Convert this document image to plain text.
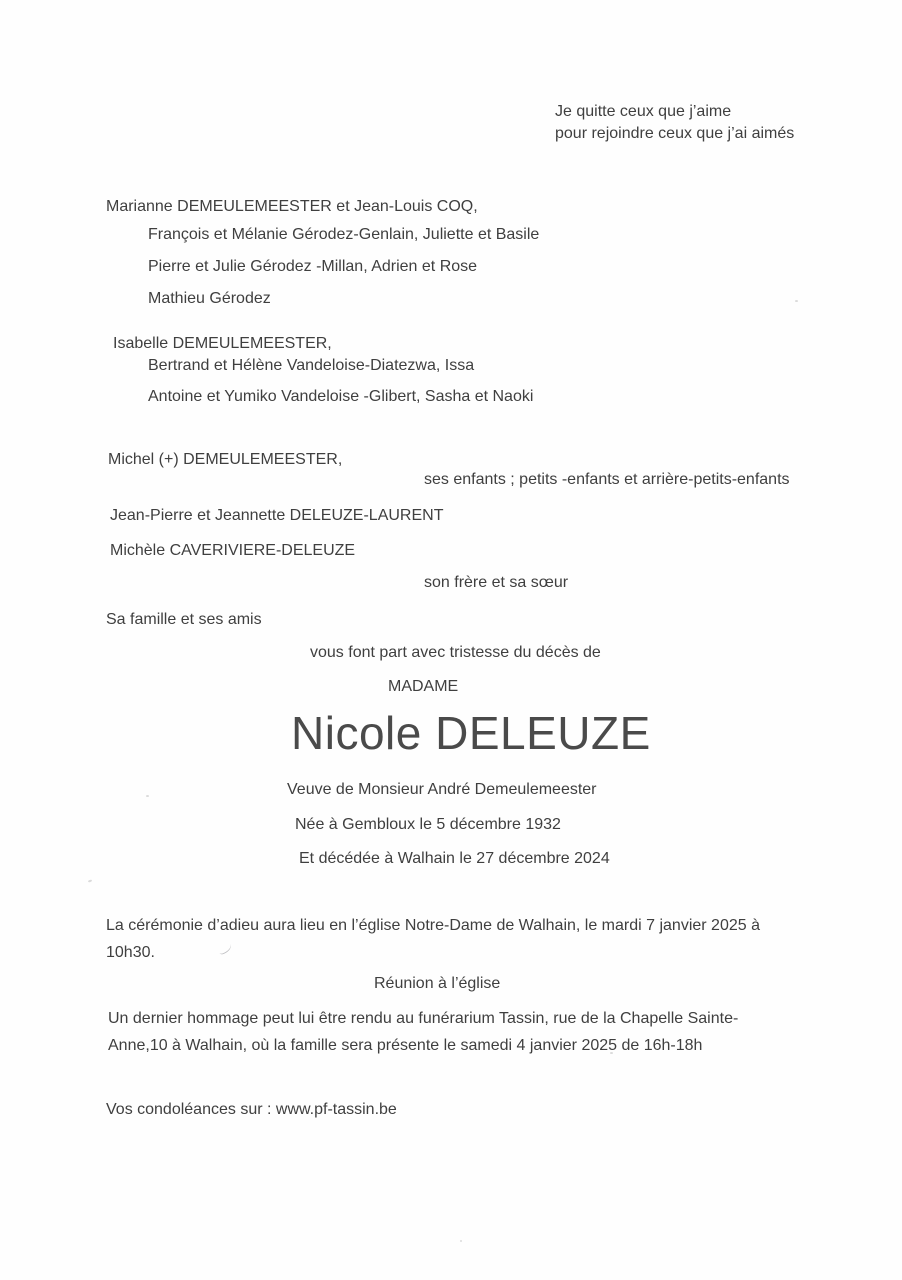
Je quitte ceux que j’aime
pour rejoindre ceux que j’ai aimés
Marianne DEMEULEMEESTER et Jean-Louis COQ,
François et Mélanie Gérodez-Genlain, Juliette et Basile
Pierre et Julie Gérodez -Millan, Adrien et Rose
Mathieu Gérodez
Isabelle DEMEULEMEESTER,
Bertrand et Hélène Vandeloise-Diatezwa, Issa
Antoine et Yumiko Vandeloise -Glibert, Sasha et Naoki
Michel (+) DEMEULEMEESTER,
ses enfants ; petits -enfants et arrière-petits-enfants
Jean-Pierre et Jeannette DELEUZE-LAURENT
Michèle CAVERIVIERE-DELEUZE
son frère et sa sœur
Sa famille et ses amis
vous font part avec tristesse du décès de
MADAME
Nicole DELEUZE
Veuve de Monsieur André Demeulemeester
Née à Gembloux le 5 décembre 1932
Et décédée à Walhain le 27 décembre 2024
La cérémonie d’adieu aura lieu en l’église Notre-Dame de Walhain, le mardi 7 janvier 2025 à 10h30.
Réunion à l’église
Un dernier hommage peut lui être rendu au funérarium Tassin, rue de la Chapelle Sainte-Anne,10 à Walhain, où la famille sera présente le samedi 4 janvier 2025 de 16h-18h
Vos condoléances sur : www.pf-tassin.be
